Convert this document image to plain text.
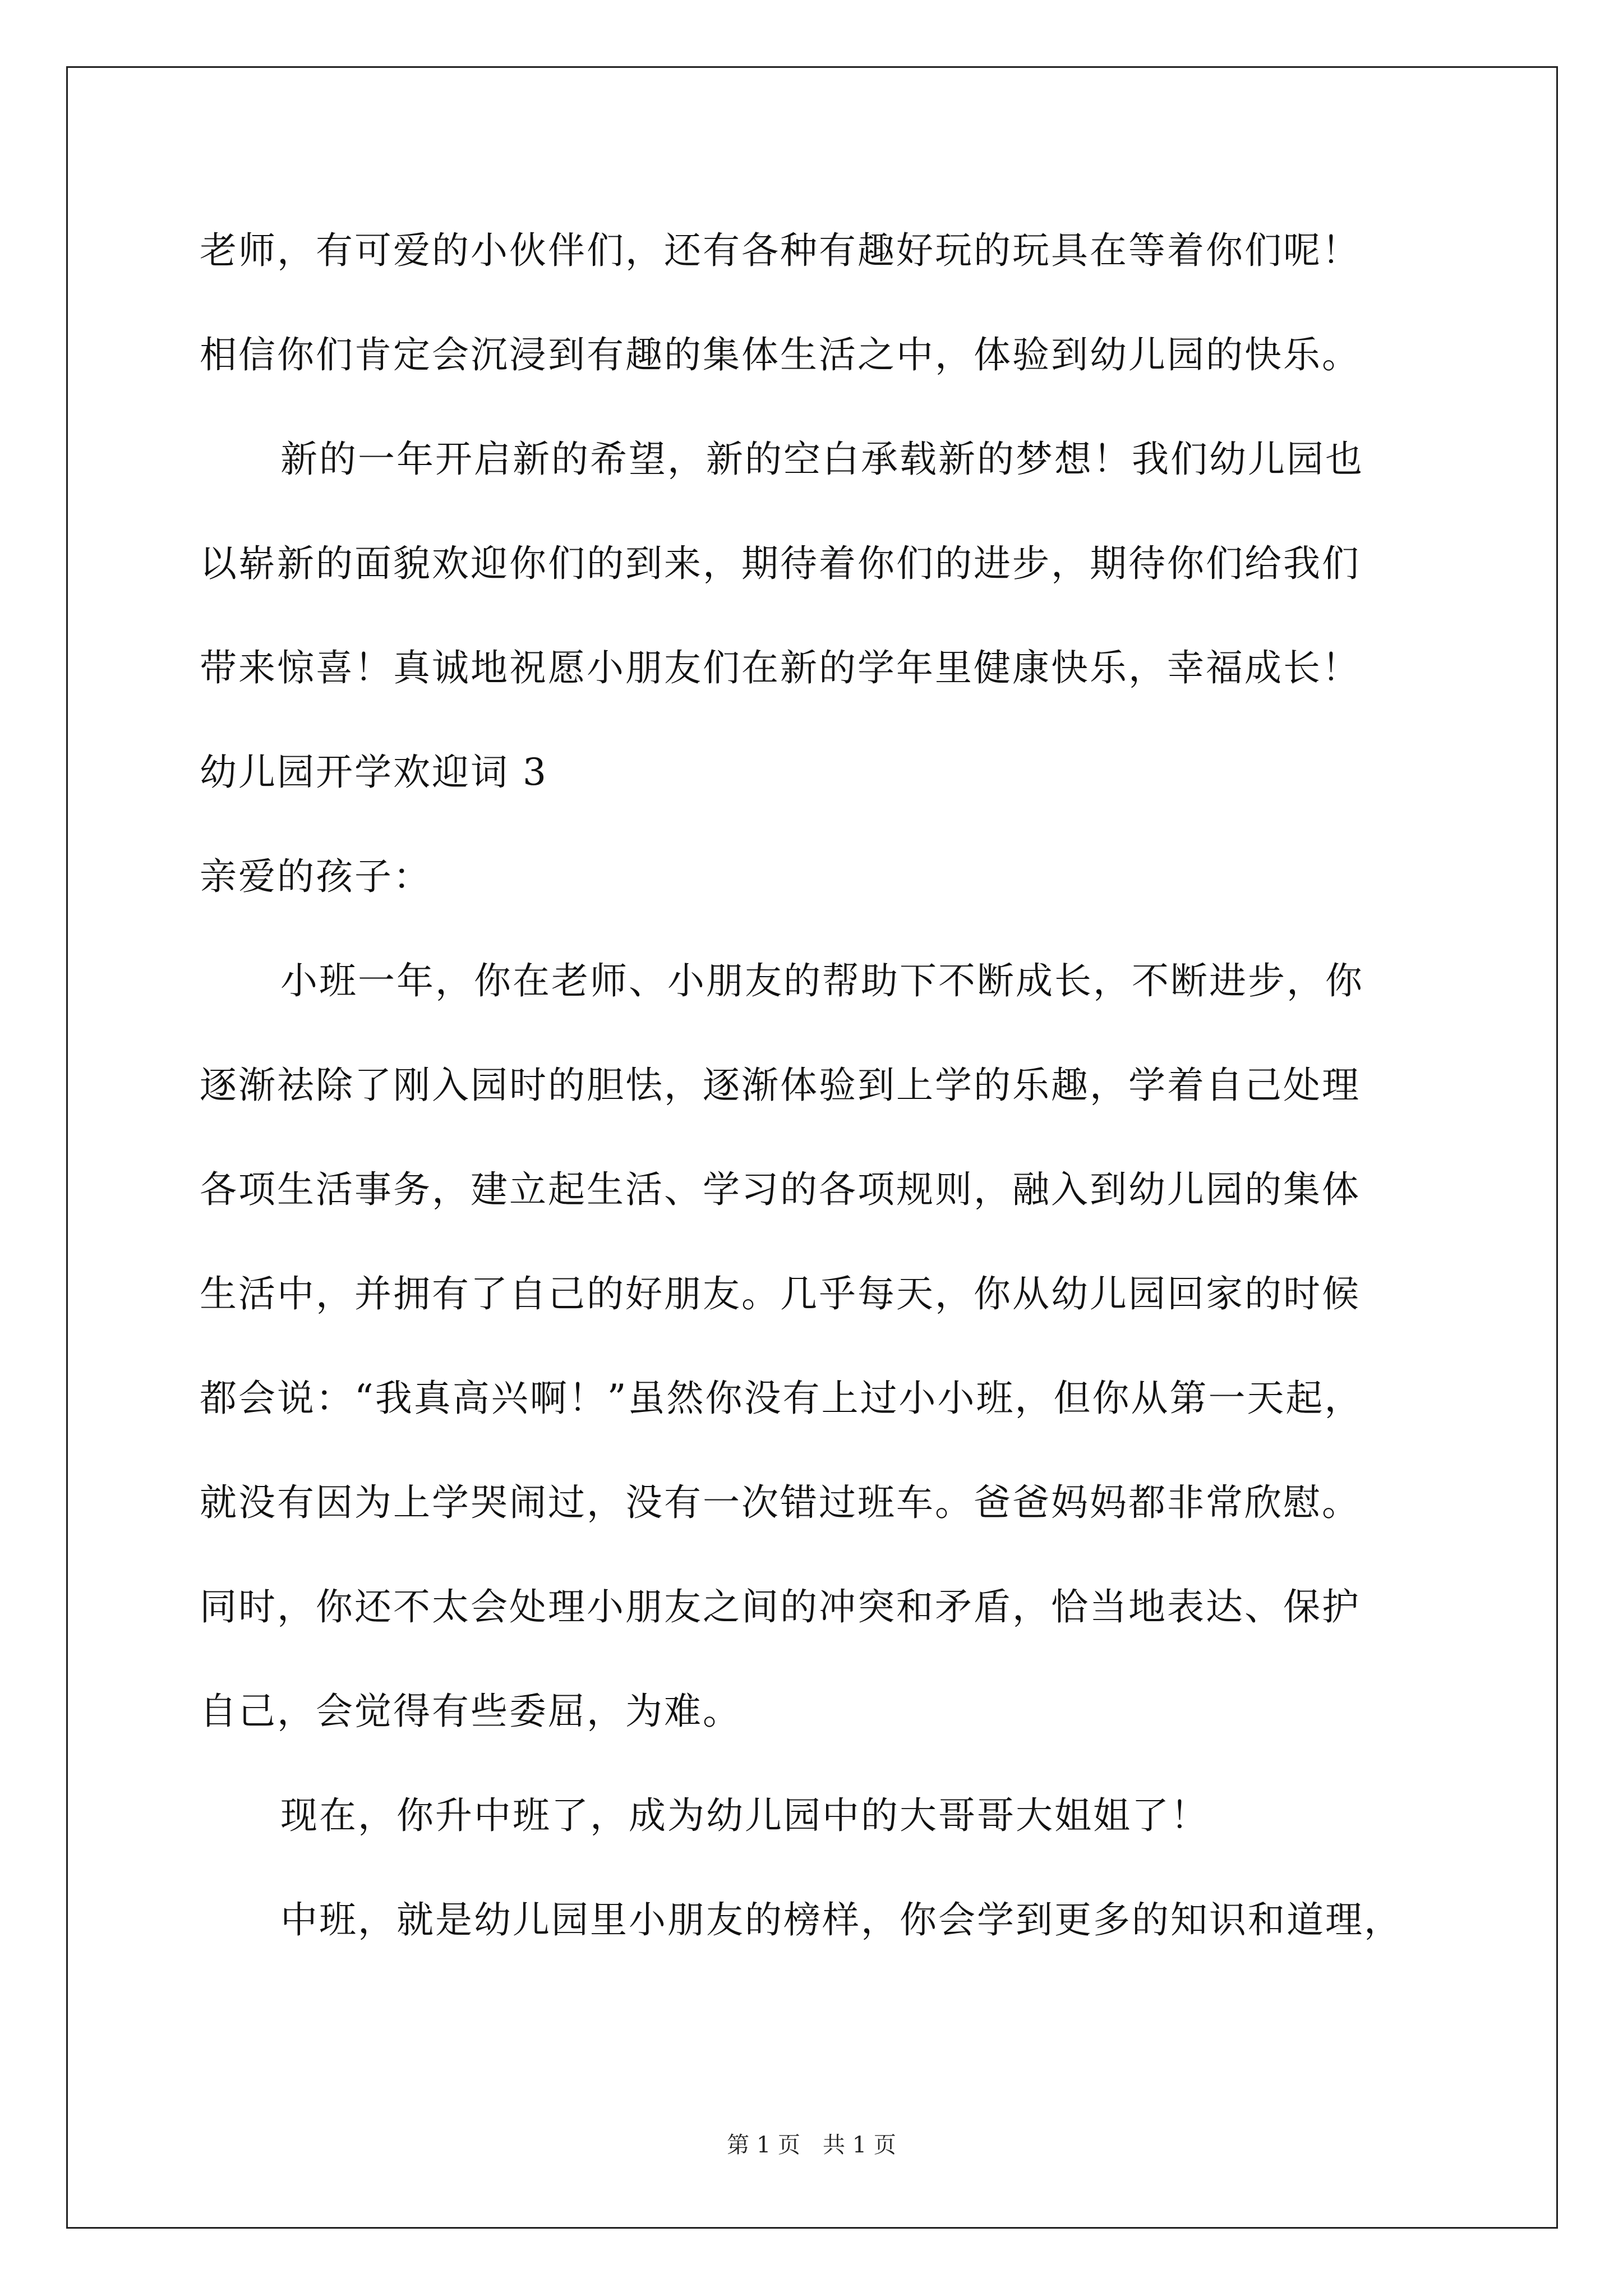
老师，有可爱的小伙伴们，还有各种有趣好玩的玩具在等着你们呢！
相信你们肯定会沉浸到有趣的集体生活之中，体验到幼儿园的快乐。
新的一年开启新的希望，新的空白承载新的梦想！我们幼儿园也
以崭新的面貌欢迎你们的到来，期待着你们的进步，期待你们给我们
带来惊喜！真诚地祝愿小朋友们在新的学年里健康快乐，幸福成长！
幼儿园开学欢迎词 3
亲爱的孩子：
小班一年，你在老师、小朋友的帮助下不断成长，不断进步，你
逐渐祛除了刚入园时的胆怯，逐渐体验到上学的乐趣，学着自己处理
各项生活事务，建立起生活、学习的各项规则，融入到幼儿园的集体
生活中，并拥有了自己的好朋友。几乎每天，你从幼儿园回家的时候
都会说：“我真高兴啊！”虽然你没有上过小小班，但你从第一天起，
就没有因为上学哭闹过，没有一次错过班车。爸爸妈妈都非常欣慰。
同时，你还不太会处理小朋友之间的冲突和矛盾，恰当地表达、保护
自己，会觉得有些委屈，为难。
现在，你升中班了，成为幼儿园中的大哥哥大姐姐了！
中班，就是幼儿园里小朋友的榜样，你会学到更多的知识和道理，
第 1 页　共 1 页
